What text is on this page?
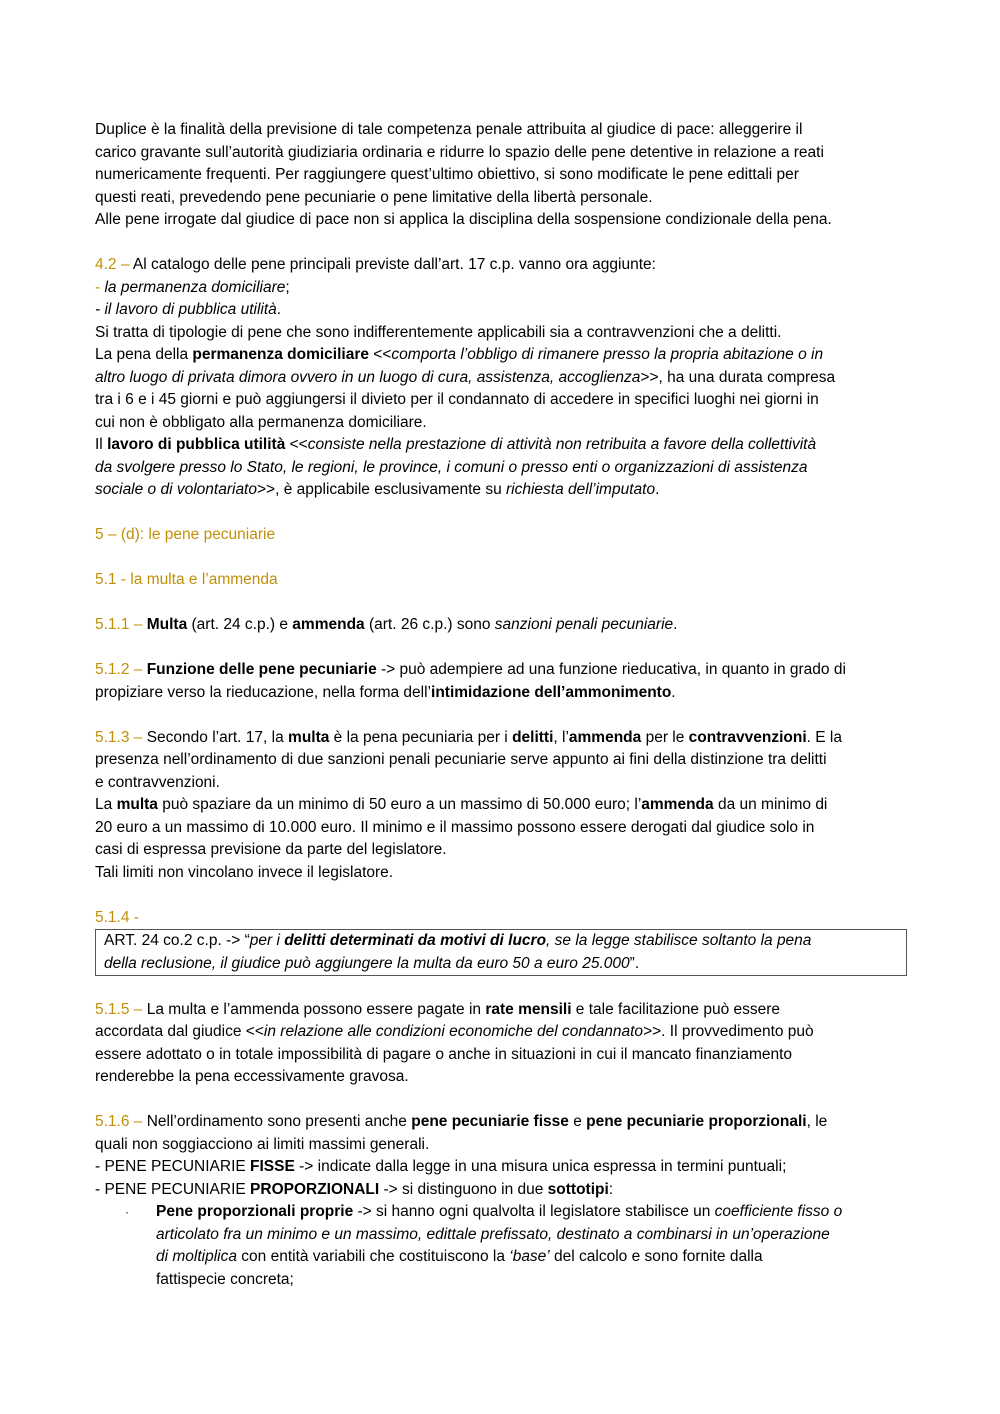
Duplice è la finalità della previsione di tale competenza penale attribuita al giudice di pace: alleggerire il

carico gravante sull’autorità giudiziaria ordinaria e ridurre lo spazio delle pene detentive in relazione a reati

numericamente frequenti. Per raggiungere quest’ultimo obiettivo, si sono modificate le pene edittali per

questi reati, prevedendo pene pecuniarie o pene limitative della libertà personale.

Alle pene irrogate dal giudice di pace non si applica la disciplina della sospensione condizionale della pena.

4.2 – Al catalogo delle pene principali previste dall’art. 17 c.p. vanno ora aggiunte:

- la permanenza domiciliare;

- il lavoro di pubblica utilità.

Si tratta di tipologie di pene che sono indifferentemente applicabili sia a contravvenzioni che a delitti.

La pena della permanenza domiciliare <<comporta l’obbligo di rimanere presso la propria abitazione o in

altro luogo di privata dimora ovvero in un luogo di cura, assistenza, accoglienza>>, ha una durata compresa

tra i 6 e i 45 giorni e può aggiungersi il divieto per il condannato di accedere in specifici luoghi nei giorni in

cui non è obbligato alla permanenza domiciliare.

Il lavoro di pubblica utilità <<consiste nella prestazione di attività non retribuita a favore della collettività

da svolgere presso lo Stato, le regioni, le province, i comuni o presso enti o organizzazioni di assistenza

sociale o di volontariato>>, è applicabile esclusivamente su richiesta dell’imputato.

5 – (d): le pene pecuniarie

5.1 - la multa e l’ammenda

5.1.1 – Multa (art. 24 c.p.) e ammenda (art. 26 c.p.) sono sanzioni penali pecuniarie.

5.1.2 – Funzione delle pene pecuniarie -> può adempiere ad una funzione rieducativa, in quanto in grado di

propiziare verso la rieducazione, nella forma dell’intimidazione dell’ammonimento.

5.1.3 – Secondo l’art. 17, la multa è la pena pecuniaria per i delitti, l’ammenda per le contravvenzioni. E la

presenza nell’ordinamento di due sanzioni penali pecuniarie serve appunto ai fini della distinzione tra delitti

e contravvenzioni.

La multa può spaziare da un minimo di 50 euro a un massimo di 50.000 euro; l’ammenda da un minimo di

20 euro a un massimo di 10.000 euro. Il minimo e il massimo possono essere derogati dal giudice solo in

casi di espressa previsione da parte del legislatore.

Tali limiti non vincolano invece il legislatore.

5.1.4 -

ART. 24 co.2 c.p. -> “per i delitti determinati da motivi di lucro, se la legge stabilisce soltanto la pena

della reclusione, il giudice può aggiungere la multa da euro 50 a euro 25.000”.

5.1.5 – La multa e l’ammenda possono essere pagate in rate mensili e tale facilitazione può essere

accordata dal giudice <<in relazione alle condizioni economiche del condannato>>. Il provvedimento può

essere adottato o in totale impossibilità di pagare o anche in situazioni in cui il mancato finanziamento

renderebbe la pena eccessivamente gravosa.

5.1.6 – Nell’ordinamento sono presenti anche pene pecuniarie fisse e pene pecuniarie proporzionali, le

quali non soggiacciono ai limiti massimi generali.

- PENE PECUNIARIE FISSE -> indicate dalla legge in una misura unica espressa in termini puntuali;

- PENE PECUNIARIE PROPORZIONALI -> si distinguono in due sottotipi:

· Pene proporzionali proprie -> si hanno ogni qualvolta il legislatore stabilisce un coefficiente fisso o

articolato fra un minimo e un massimo, edittale prefissato, destinato a combinarsi in un’operazione

di moltiplica con entità variabili che costituiscono la ‘base’ del calcolo e sono fornite dalla

fattispecie concreta;
